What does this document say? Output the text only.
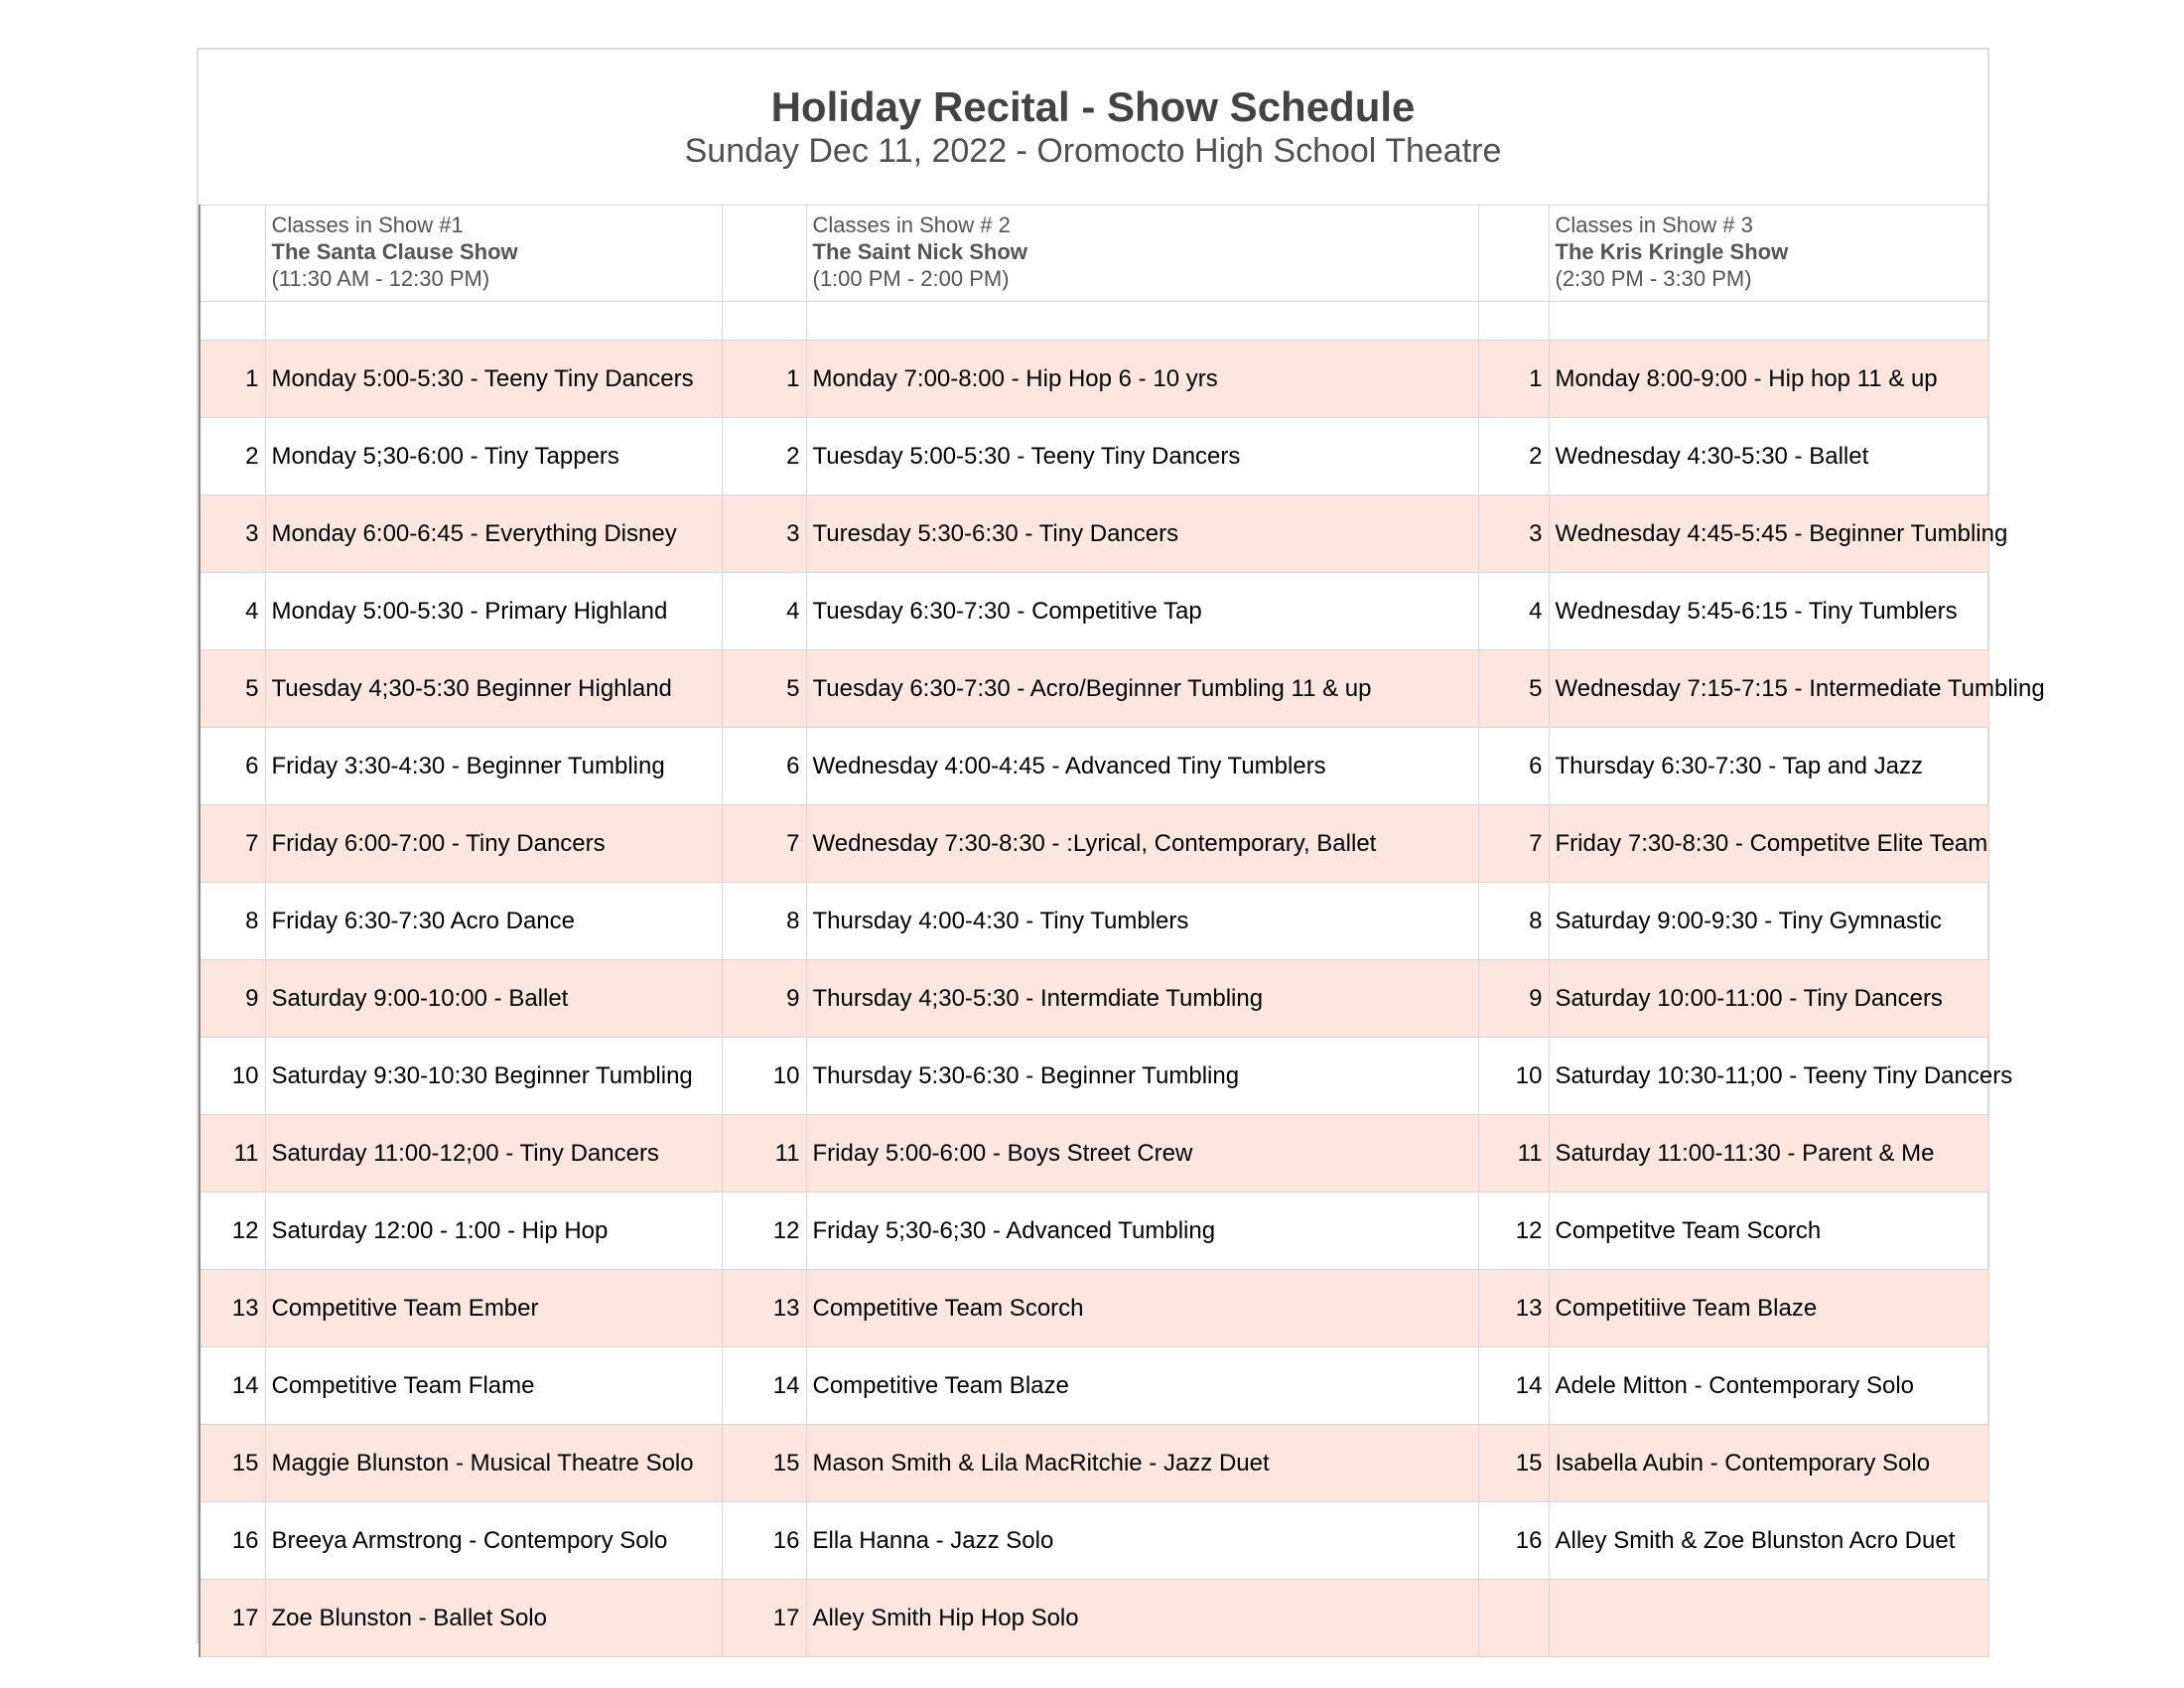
Holiday Recital - Show Schedule
Sunday Dec 11, 2022 - Oromocto High School Theatre

	Classes in Show #1
The Santa Clause Show
(11:30 AM - 12:30 PM)		Classes in Show # 2
The Saint Nick Show
(1:00 PM - 2:00 PM)		Classes in Show # 3
The Kris Kringle Show
(2:30 PM - 3:30 PM)

1	Monday 5:00-5:30 - Teeny Tiny Dancers	1	Monday 7:00-8:00 - Hip Hop 6 - 10 yrs	1	Monday 8:00-9:00 - Hip hop 11 & up
2	Monday 5;30-6:00 - Tiny Tappers	2	Tuesday 5:00-5:30 - Teeny Tiny Dancers	2	Wednesday 4:30-5:30 - Ballet
3	Monday 6:00-6:45 - Everything Disney	3	Turesday 5:30-6:30 - Tiny Dancers	3	Wednesday 4:45-5:45 - Beginner Tumbling
4	Monday 5:00-5:30 - Primary Highland	4	Tuesday 6:30-7:30 - Competitive Tap	4	Wednesday 5:45-6:15 - Tiny Tumblers
5	Tuesday 4;30-5:30 Beginner Highland	5	Tuesday 6:30-7:30 - Acro/Beginner Tumbling 11 & up	5	Wednesday 7:15-7:15 - Intermediate Tumbling
6	Friday 3:30-4:30 - Beginner Tumbling	6	Wednesday 4:00-4:45 - Advanced Tiny Tumblers	6	Thursday 6:30-7:30 - Tap and Jazz
7	Friday 6:00-7:00 - Tiny Dancers	7	Wednesday 7:30-8:30 - :Lyrical, Contemporary, Ballet	7	Friday 7:30-8:30 - Competitve Elite Team
8	Friday 6:30-7:30 Acro Dance	8	Thursday 4:00-4:30 - Tiny Tumblers	8	Saturday 9:00-9:30 - Tiny Gymnastic
9	Saturday 9:00-10:00 - Ballet	9	Thursday 4;30-5:30 - Intermdiate Tumbling	9	Saturday 10:00-11:00 - Tiny Dancers
10	Saturday 9:30-10:30 Beginner Tumbling	10	Thursday 5:30-6:30 - Beginner Tumbling	10	Saturday 10:30-11;00 - Teeny Tiny Dancers
11	Saturday 11:00-12;00 - Tiny Dancers	11	Friday 5:00-6:00 - Boys Street Crew	11	Saturday 11:00-11:30 - Parent & Me
12	Saturday 12:00 - 1:00 - Hip Hop	12	Friday 5;30-6;30 - Advanced Tumbling	12	Competitve Team Scorch
13	Competitive Team Ember	13	Competitive Team Scorch	13	Competitiive Team Blaze
14	Competitive Team Flame	14	Competitive Team Blaze	14	Adele Mitton - Contemporary Solo
15	Maggie Blunston - Musical Theatre Solo	15	Mason Smith & Lila MacRitchie - Jazz Duet	15	Isabella Aubin - Contemporary Solo
16	Breeya Armstrong - Contempory Solo	16	Ella Hanna - Jazz Solo	16	Alley Smith & Zoe Blunston Acro Duet
17	Zoe Blunston - Ballet Solo	17	Alley Smith Hip Hop Solo		
